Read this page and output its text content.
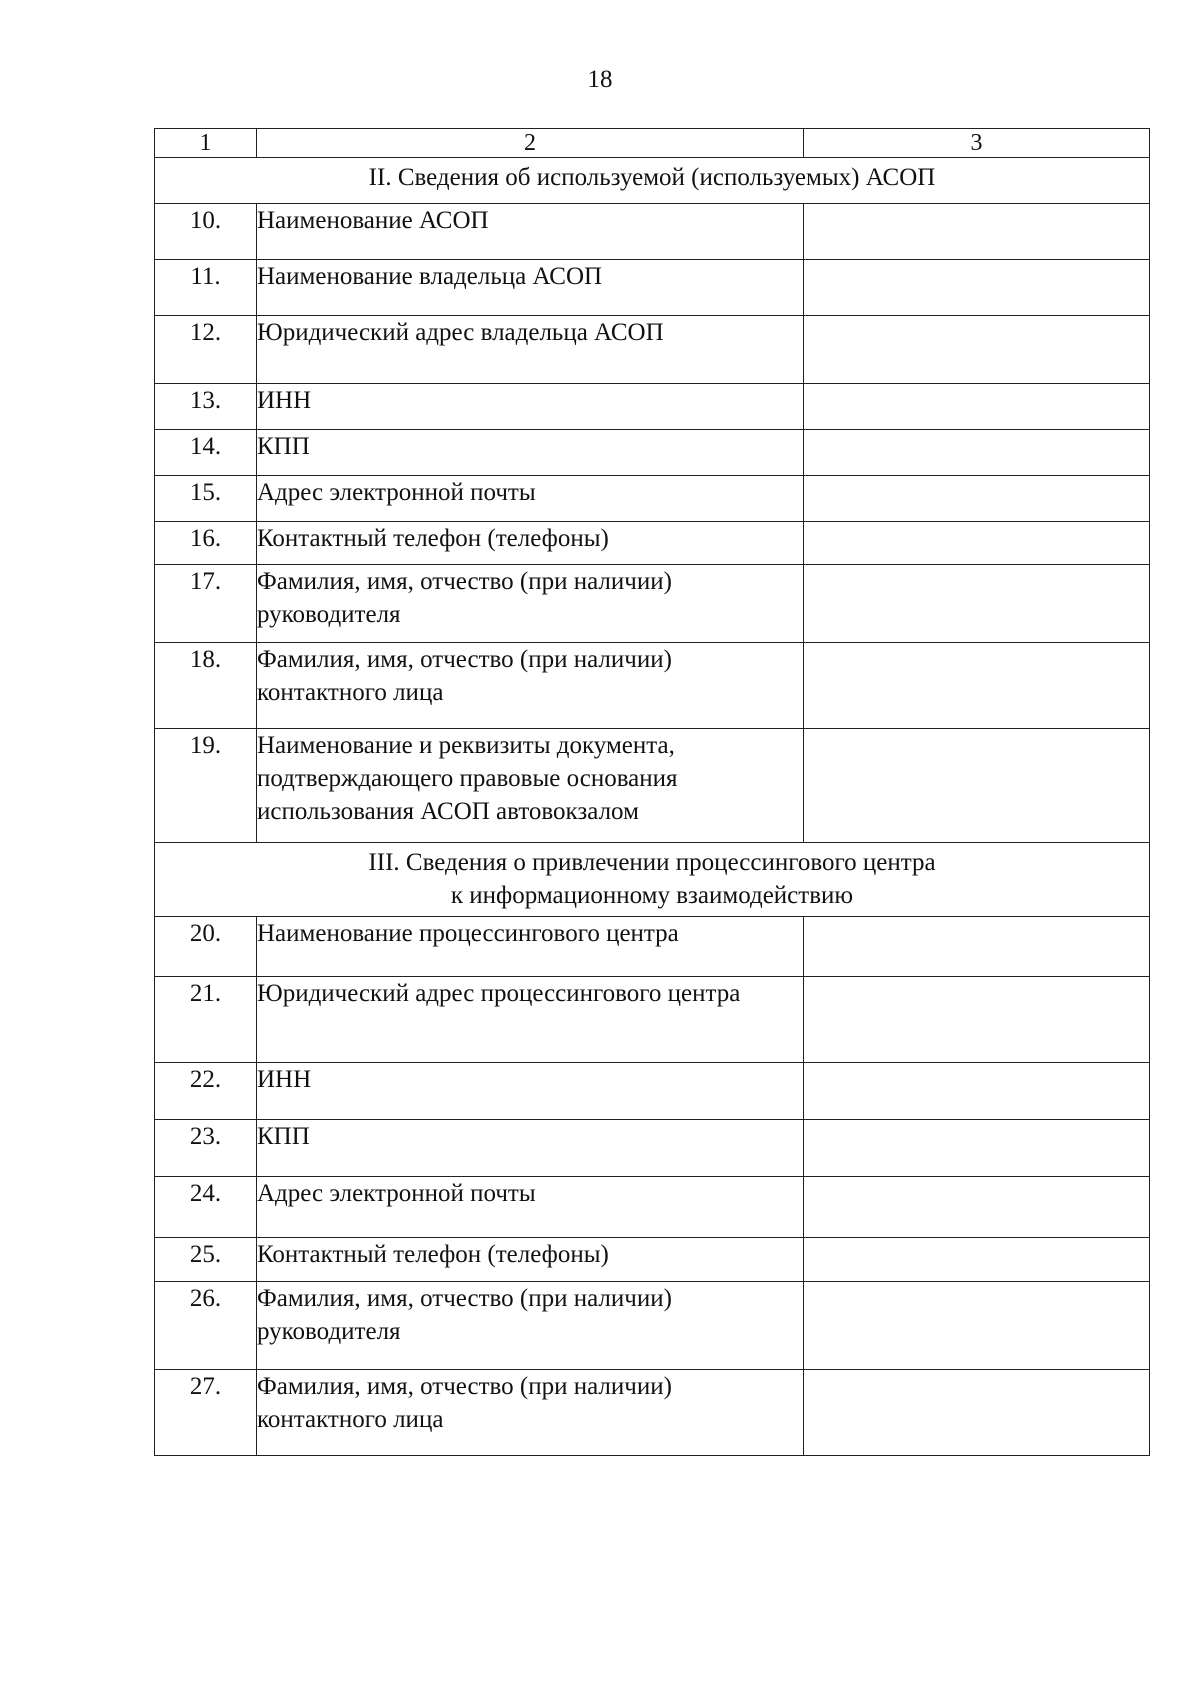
18
1	2	3
II. Сведения об используемой (используемых) АСОП		
10.	Наименование АСОП	
11.	Наименование владельца АСОП	
12.	Юридический адрес владельца АСОП	
13.	ИНН	
14.	КПП	
15.	Адрес электронной почты	
16.	Контактный телефон (телефоны)	
17.	Фамилия, имя, отчество (при наличии) руководителя	
18.	Фамилия, имя, отчество (при наличии) контактного лица	
19.	Наименование и реквизиты документа, подтверждающего правовые основания использования АСОП автовокзалом	

III. Сведения о привлечении процессингового центра
к информационному взаимодействию		

20.	Наименование процессингового центра	
21.	Юридический адрес процессингового центра	
22.	ИНН	
23.	КПП	
24.	Адрес электронной почты	
25.	Контактный телефон (телефоны)	
26.	Фамилия, имя, отчество (при наличии) руководителя	
27.	Фамилия, имя, отчество (при наличии) контактного лица	
